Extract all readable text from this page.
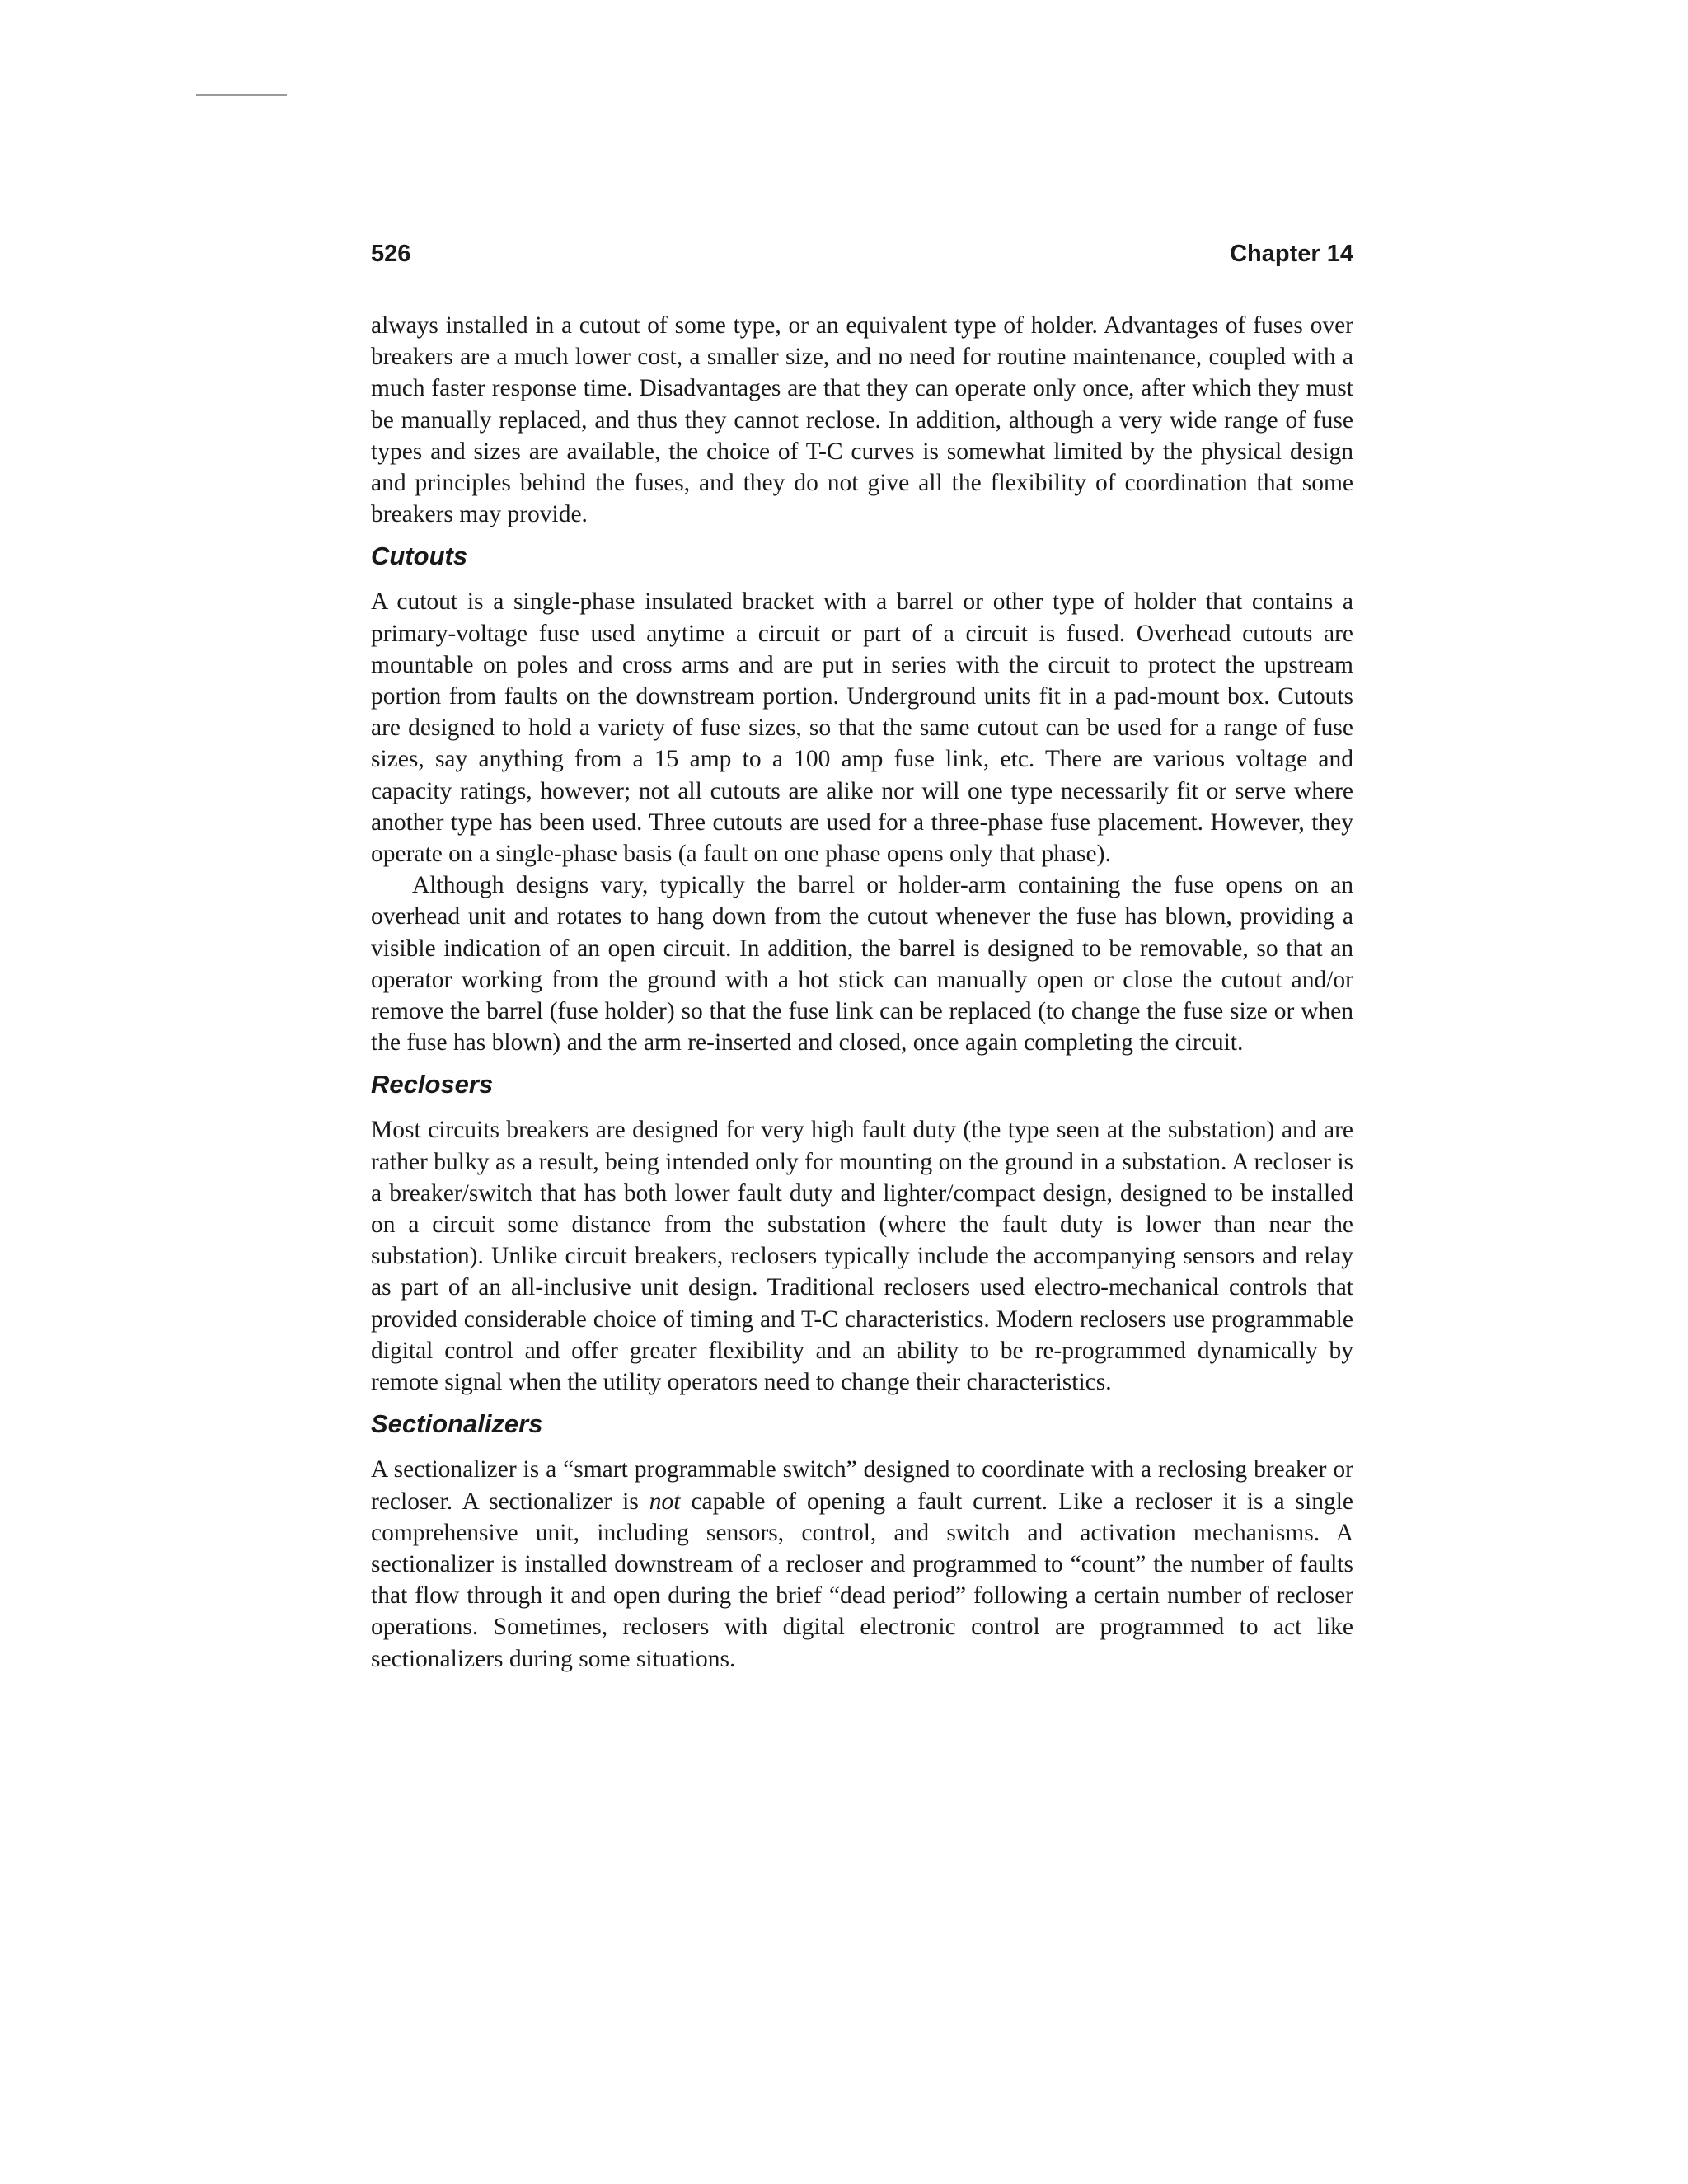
526	Chapter 14

always installed in a cutout of some type, or an equivalent type of holder. Advantages of fuses over breakers are a much lower cost, a smaller size, and no need for routine maintenance, coupled with a much faster response time. Disadvantages are that they can operate only once, after which they must be manually replaced, and thus they cannot reclose. In addition, although a very wide range of fuse types and sizes are available, the choice of T-C curves is somewhat limited by the physical design and principles behind the fuses, and they do not give all the flexibility of coordination that some breakers may provide.

Cutouts

A cutout is a single-phase insulated bracket with a barrel or other type of holder that contains a primary-voltage fuse used anytime a circuit or part of a circuit is fused. Overhead cutouts are mountable on poles and cross arms and are put in series with the circuit to protect the upstream portion from faults on the downstream portion. Underground units fit in a pad-mount box. Cutouts are designed to hold a variety of fuse sizes, so that the same cutout can be used for a range of fuse sizes, say anything from a 15 amp to a 100 amp fuse link, etc. There are various voltage and capacity ratings, however; not all cutouts are alike nor will one type necessarily fit or serve where another type has been used. Three cutouts are used for a three-phase fuse placement. However, they operate on a single-phase basis (a fault on one phase opens only that phase).

Although designs vary, typically the barrel or holder-arm containing the fuse opens on an overhead unit and rotates to hang down from the cutout whenever the fuse has blown, providing a visible indication of an open circuit. In addition, the barrel is designed to be removable, so that an operator working from the ground with a hot stick can manually open or close the cutout and/or remove the barrel (fuse holder) so that the fuse link can be replaced (to change the fuse size or when the fuse has blown) and the arm re-inserted and closed, once again completing the circuit.

Reclosers

Most circuits breakers are designed for very high fault duty (the type seen at the substation) and are rather bulky as a result, being intended only for mounting on the ground in a substation. A recloser is a breaker/switch that has both lower fault duty and lighter/compact design, designed to be installed on a circuit some distance from the substation (where the fault duty is lower than near the substation). Unlike circuit breakers, reclosers typically include the accompanying sensors and relay as part of an all-inclusive unit design. Traditional reclosers used electro-mechanical controls that provided considerable choice of timing and T-C characteristics. Modern reclosers use programmable digital control and offer greater flexibility and an ability to be re-programmed dynamically by remote signal when the utility operators need to change their characteristics.

Sectionalizers

A sectionalizer is a “smart programmable switch” designed to coordinate with a reclosing breaker or recloser. A sectionalizer is not capable of opening a fault current. Like a recloser it is a single comprehensive unit, including sensors, control, and switch and activation mechanisms. A sectionalizer is installed downstream of a recloser and programmed to “count” the number of faults that flow through it and open during the brief “dead period” following a certain number of recloser operations. Sometimes, reclosers with digital electronic control are programmed to act like sectionalizers during some situations.
